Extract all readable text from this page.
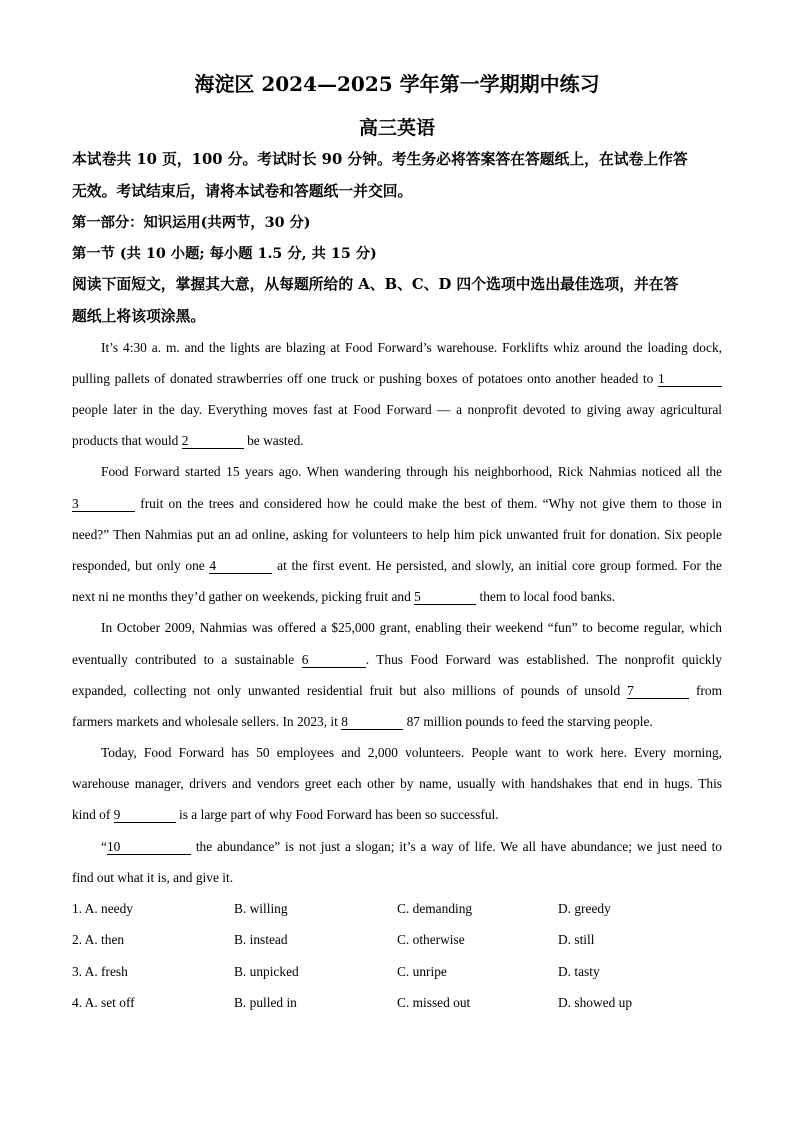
海淀区 2024—2025 学年第一学期期中练习
高三英语
本试卷共 10 页，100 分。考试时长 90 分钟。考生务必将答案答在答题纸上，在试卷上作答
无效。考试结束后，请将本试卷和答题纸一并交回。
第一部分：知识运用(共两节，30 分)
第一节 (共 10 小题; 每小题 1.5 分, 共 15 分)
阅读下面短文，掌握其大意，从每题所给的 A、B、C、D 四个选项中选出最佳选项，并在答
题纸上将该项涂黑。
It’s 4:30 a. m. and the lights are blazing at Food Forward’s warehouse. Forklifts whiz around the loading dock,
pulling pallets of donated strawberries off one truck or pushing boxes of potatoes onto another headed to 1
people later in the day. Everything moves fast at Food Forward — a nonprofit devoted to giving away agricultural
products that would 2	be wasted.
Food Forward started 15 years ago. When wandering through his neighborhood, Rick Nahmias noticed all the
3	fruit on the trees and considered how he could make the best of them. “Why not give them to those in
need?” Then Nahmias put an ad online, asking for volunteers to help him pick unwanted fruit for donation. Six people
responded, but only one 4	at the first event. He persisted, and slowly, an initial core group formed. For the
next ni ne months they’d gather on weekends, picking fruit and 5	them to local food banks.
In October 2009, Nahmias was offered a $25,000 grant, enabling their weekend “fun” to become regular, which
eventually contributed to a sustainable 6	. Thus Food Forward was established. The nonprofit quickly
expanded, collecting not only unwanted residential fruit but also millions of pounds of unsold 7	from
farmers markets and wholesale sellers. In 2023, it 8	87 million pounds to feed the starving people.
Today, Food Forward has 50 employees and 2,000 volunteers. People want to work here. Every morning,
warehouse manager, drivers and vendors greet each other by name, usually with handshakes that end in hugs. This
kind of 9	is a large part of why Food Forward has been so successful.
“10	the abundance” is not just a slogan; it’s a way of life. We all have abundance; we just need to
find out what it is, and give it.
1. A. needy	B. willing	C. demanding	D. greedy
2. A. then	B. instead	C. otherwise	D. still
3. A. fresh	B. unpicked	C. unripe	D. tasty
4. A. set off	B. pulled in	C. missed out	D. showed up
